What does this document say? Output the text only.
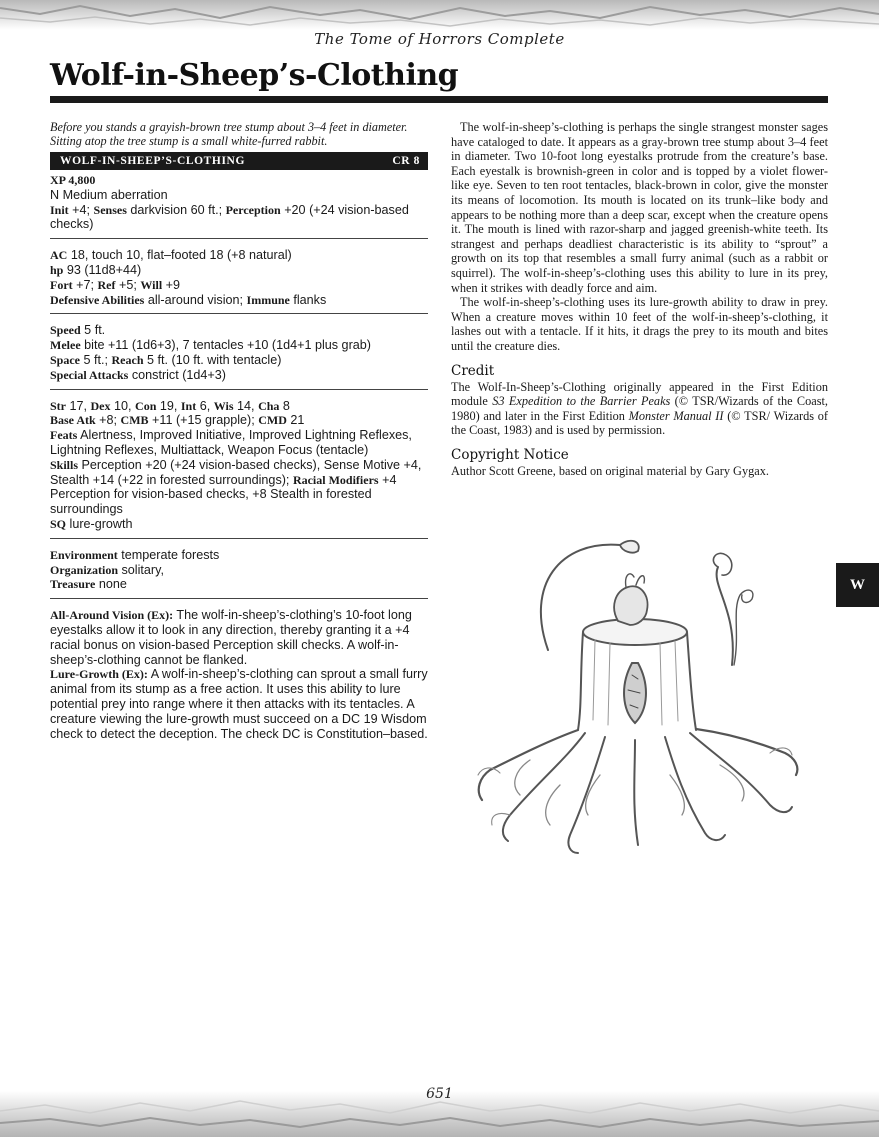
The Tome of Horrors Complete
Wolf-in-Sheep’s-Clothing

Before you stands a grayish-brown tree stump about 3–4 feet in diameter. Sitting atop the tree stump is a small white-furred rabbit.

WOLF-IN-SHEEP’S-CLOTHING	CR 8

XP 4,800

N Medium aberration

Init +4; Senses darkvision 60 ft.; Perception +20 (+24 vision-based checks)

AC 18, touch 10, flat–footed 18 (+8 natural)

hp 93 (11d8+44)

Fort +7; Ref +5; Will +9

Defensive Abilities all-around vision; Immune flanks

Speed 5 ft.

Melee bite +11 (1d6+3), 7 tentacles +10 (1d4+1 plus grab)

Space 5 ft.; Reach 5 ft. (10 ft. with tentacle)

Special Attacks constrict (1d4+3)

Str 17, Dex 10, Con 19, Int 6, Wis 14, Cha 8

Base Atk +8; CMB +11 (+15 grapple); CMD 21

Feats Alertness, Improved Initiative, Improved Lightning Reflexes, Lightning Reflexes, Multiattack, Weapon Focus (tentacle)

Skills Perception +20 (+24 vision-based checks), Sense Motive +4, Stealth +14 (+22 in forested surroundings); Racial Modifiers +4 Perception for vision-based checks, +8 Stealth in forested surroundings

SQ lure-growth

Environment temperate forests

Organization solitary,

Treasure none

All-Around Vision (Ex): The wolf-in-sheep’s-clothing’s 10-foot long eyestalks allow it to look in any direction, thereby granting it a +4 racial bonus on vision-based Perception skill checks. A wolf-in-sheep’s-clothing cannot be flanked.

Lure-Growth (Ex): A wolf-in-sheep’s-clothing can sprout a small furry animal from its stump as a free action. It uses this ability to lure potential prey into range where it then attacks with its tentacles. A creature viewing the lure-growth must succeed on a DC 19 Wisdom check to detect the deception. The check DC is Constitution–based.

The wolf-in-sheep’s-clothing is perhaps the single strangest monster sages have cataloged to date. It appears as a gray-brown tree stump about 3–4 feet in diameter. Two 10-foot long eyestalks protrude from the creature’s base. Each eyestalk is brownish-green in color and is topped by a violet flower-like eye. Seven to ten root tentacles, black-brown in color, give the monster its means of locomotion. Its mouth is located on its trunk–like body and appears to be nothing more than a deep scar, except when the creature opens it. The mouth is lined with razor-sharp and jagged greenish-white teeth. Its strangest and perhaps deadliest characteristic is its ability to “sprout” a growth on its top that resembles a small furry animal (such as a rabbit or squirrel). The wolf-in-sheep’s-clothing uses this ability to lure in its prey, when it strikes with deadly force and aim.

The wolf-in-sheep’s-clothing uses its lure-growth ability to draw in prey. When a creature moves within 10 feet of the wolf-in-sheep’s-clothing, it lashes out with a tentacle. If it hits, it drags the prey to its mouth and bites until the creature dies.

Credit

The Wolf-In-Sheep’s-Clothing originally appeared in the First Edition module S3 Expedition to the Barrier Peaks (© TSR/Wizards of the Coast, 1980) and later in the First Edition Monster Manual II (© TSR/ Wizards of the Coast, 1983) and is used by permission.

Copyright Notice

Author Scott Greene, based on original material by Gary Gygax.

W
651
